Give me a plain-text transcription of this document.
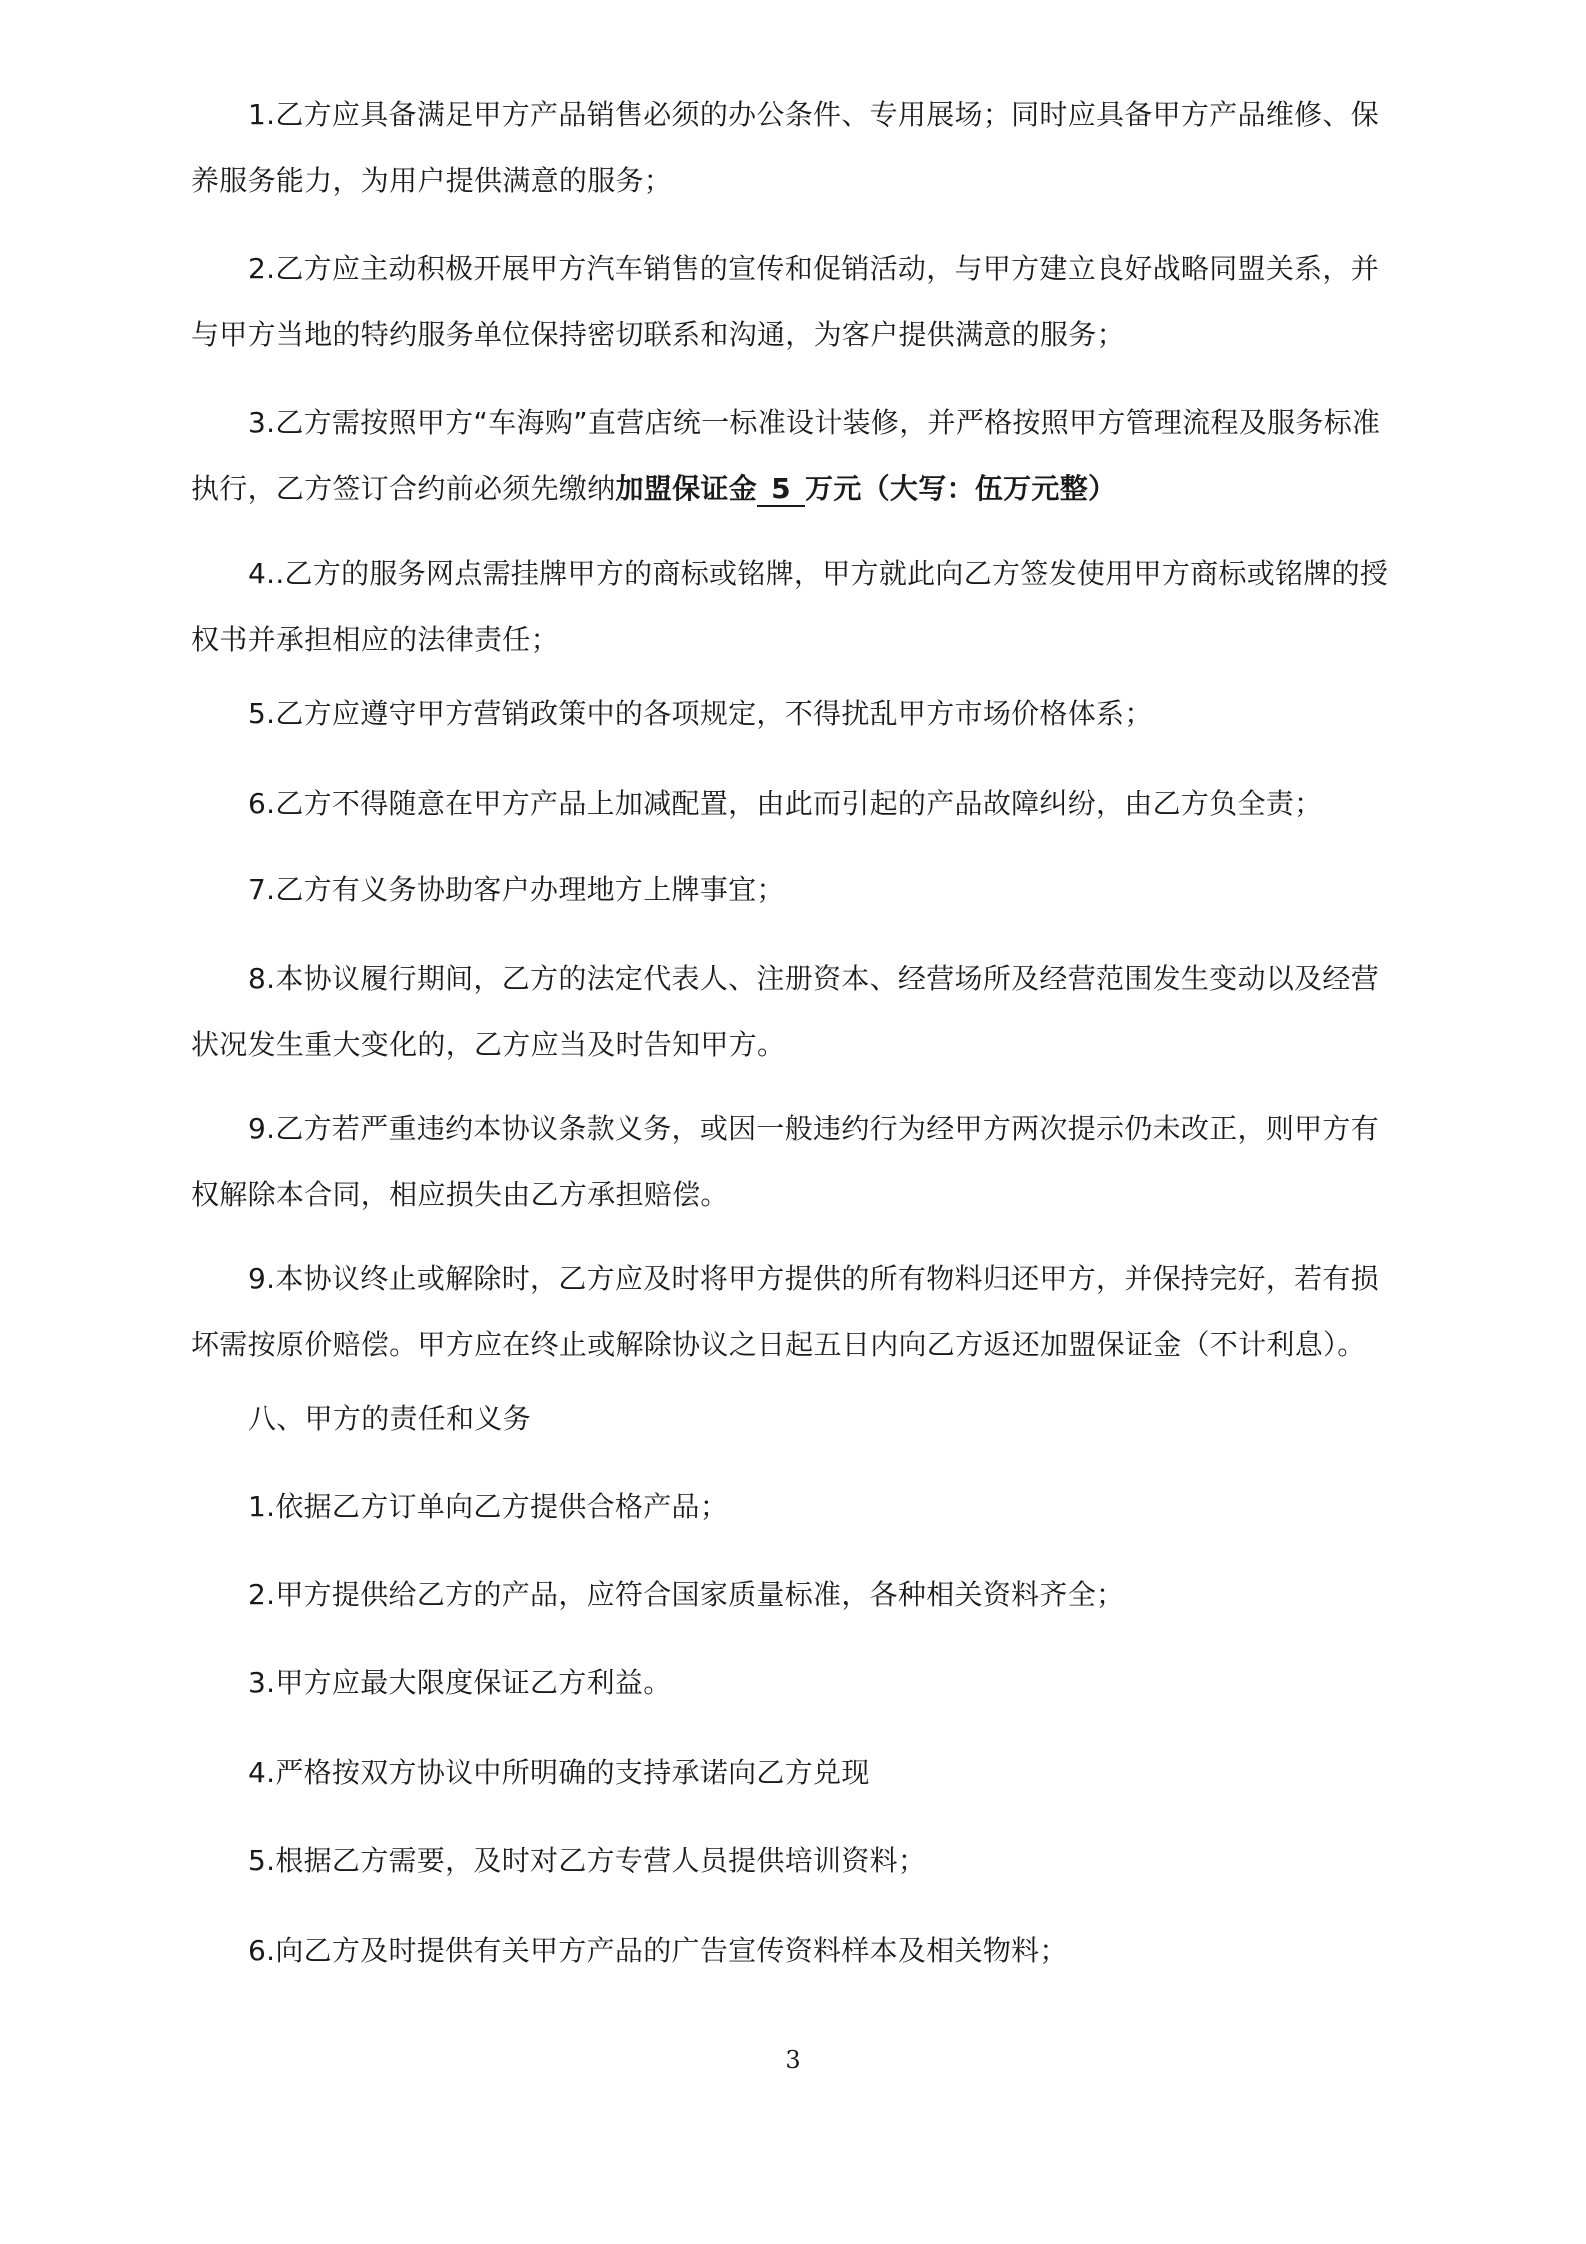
1.乙方应具备满足甲方产品销售必须的办公条件、专用展场；同时应具备甲方产品维修、保养服务能力，为用户提供满意的服务；

2.乙方应主动积极开展甲方汽车销售的宣传和促销活动，与甲方建立良好战略同盟关系，并与甲方当地的特约服务单位保持密切联系和沟通，为客户提供满意的服务；

3.乙方需按照甲方“车海购”直营店统一标准设计装修，并严格按照甲方管理流程及服务标准执行，乙方签订合约前必须先缴纳加盟保证金 5 万元（大写：伍万元整）

4..乙方的服务网点需挂牌甲方的商标或铭牌，甲方就此向乙方签发使用甲方商标或铭牌的授权书并承担相应的法律责任；

5.乙方应遵守甲方营销政策中的各项规定，不得扰乱甲方市场价格体系；

6.乙方不得随意在甲方产品上加减配置，由此而引起的产品故障纠纷，由乙方负全责；

7.乙方有义务协助客户办理地方上牌事宜；

8.本协议履行期间，乙方的法定代表人、注册资本、经营场所及经营范围发生变动以及经营状况发生重大变化的，乙方应当及时告知甲方。

9.乙方若严重违约本协议条款义务，或因一般违约行为经甲方两次提示仍未改正，则甲方有权解除本合同，相应损失由乙方承担赔偿。

9.本协议终止或解除时，乙方应及时将甲方提供的所有物料归还甲方，并保持完好，若有损坏需按原价赔偿。甲方应在终止或解除协议之日起五日内向乙方返还加盟保证金（不计利息）。

八、甲方的责任和义务

1.依据乙方订单向乙方提供合格产品；

2.甲方提供给乙方的产品，应符合国家质量标准，各种相关资料齐全；

3.甲方应最大限度保证乙方利益。

4.严格按双方协议中所明确的支持承诺向乙方兑现

5.根据乙方需要，及时对乙方专营人员提供培训资料；

6.向乙方及时提供有关甲方产品的广告宣传资料样本及相关物料；

3
